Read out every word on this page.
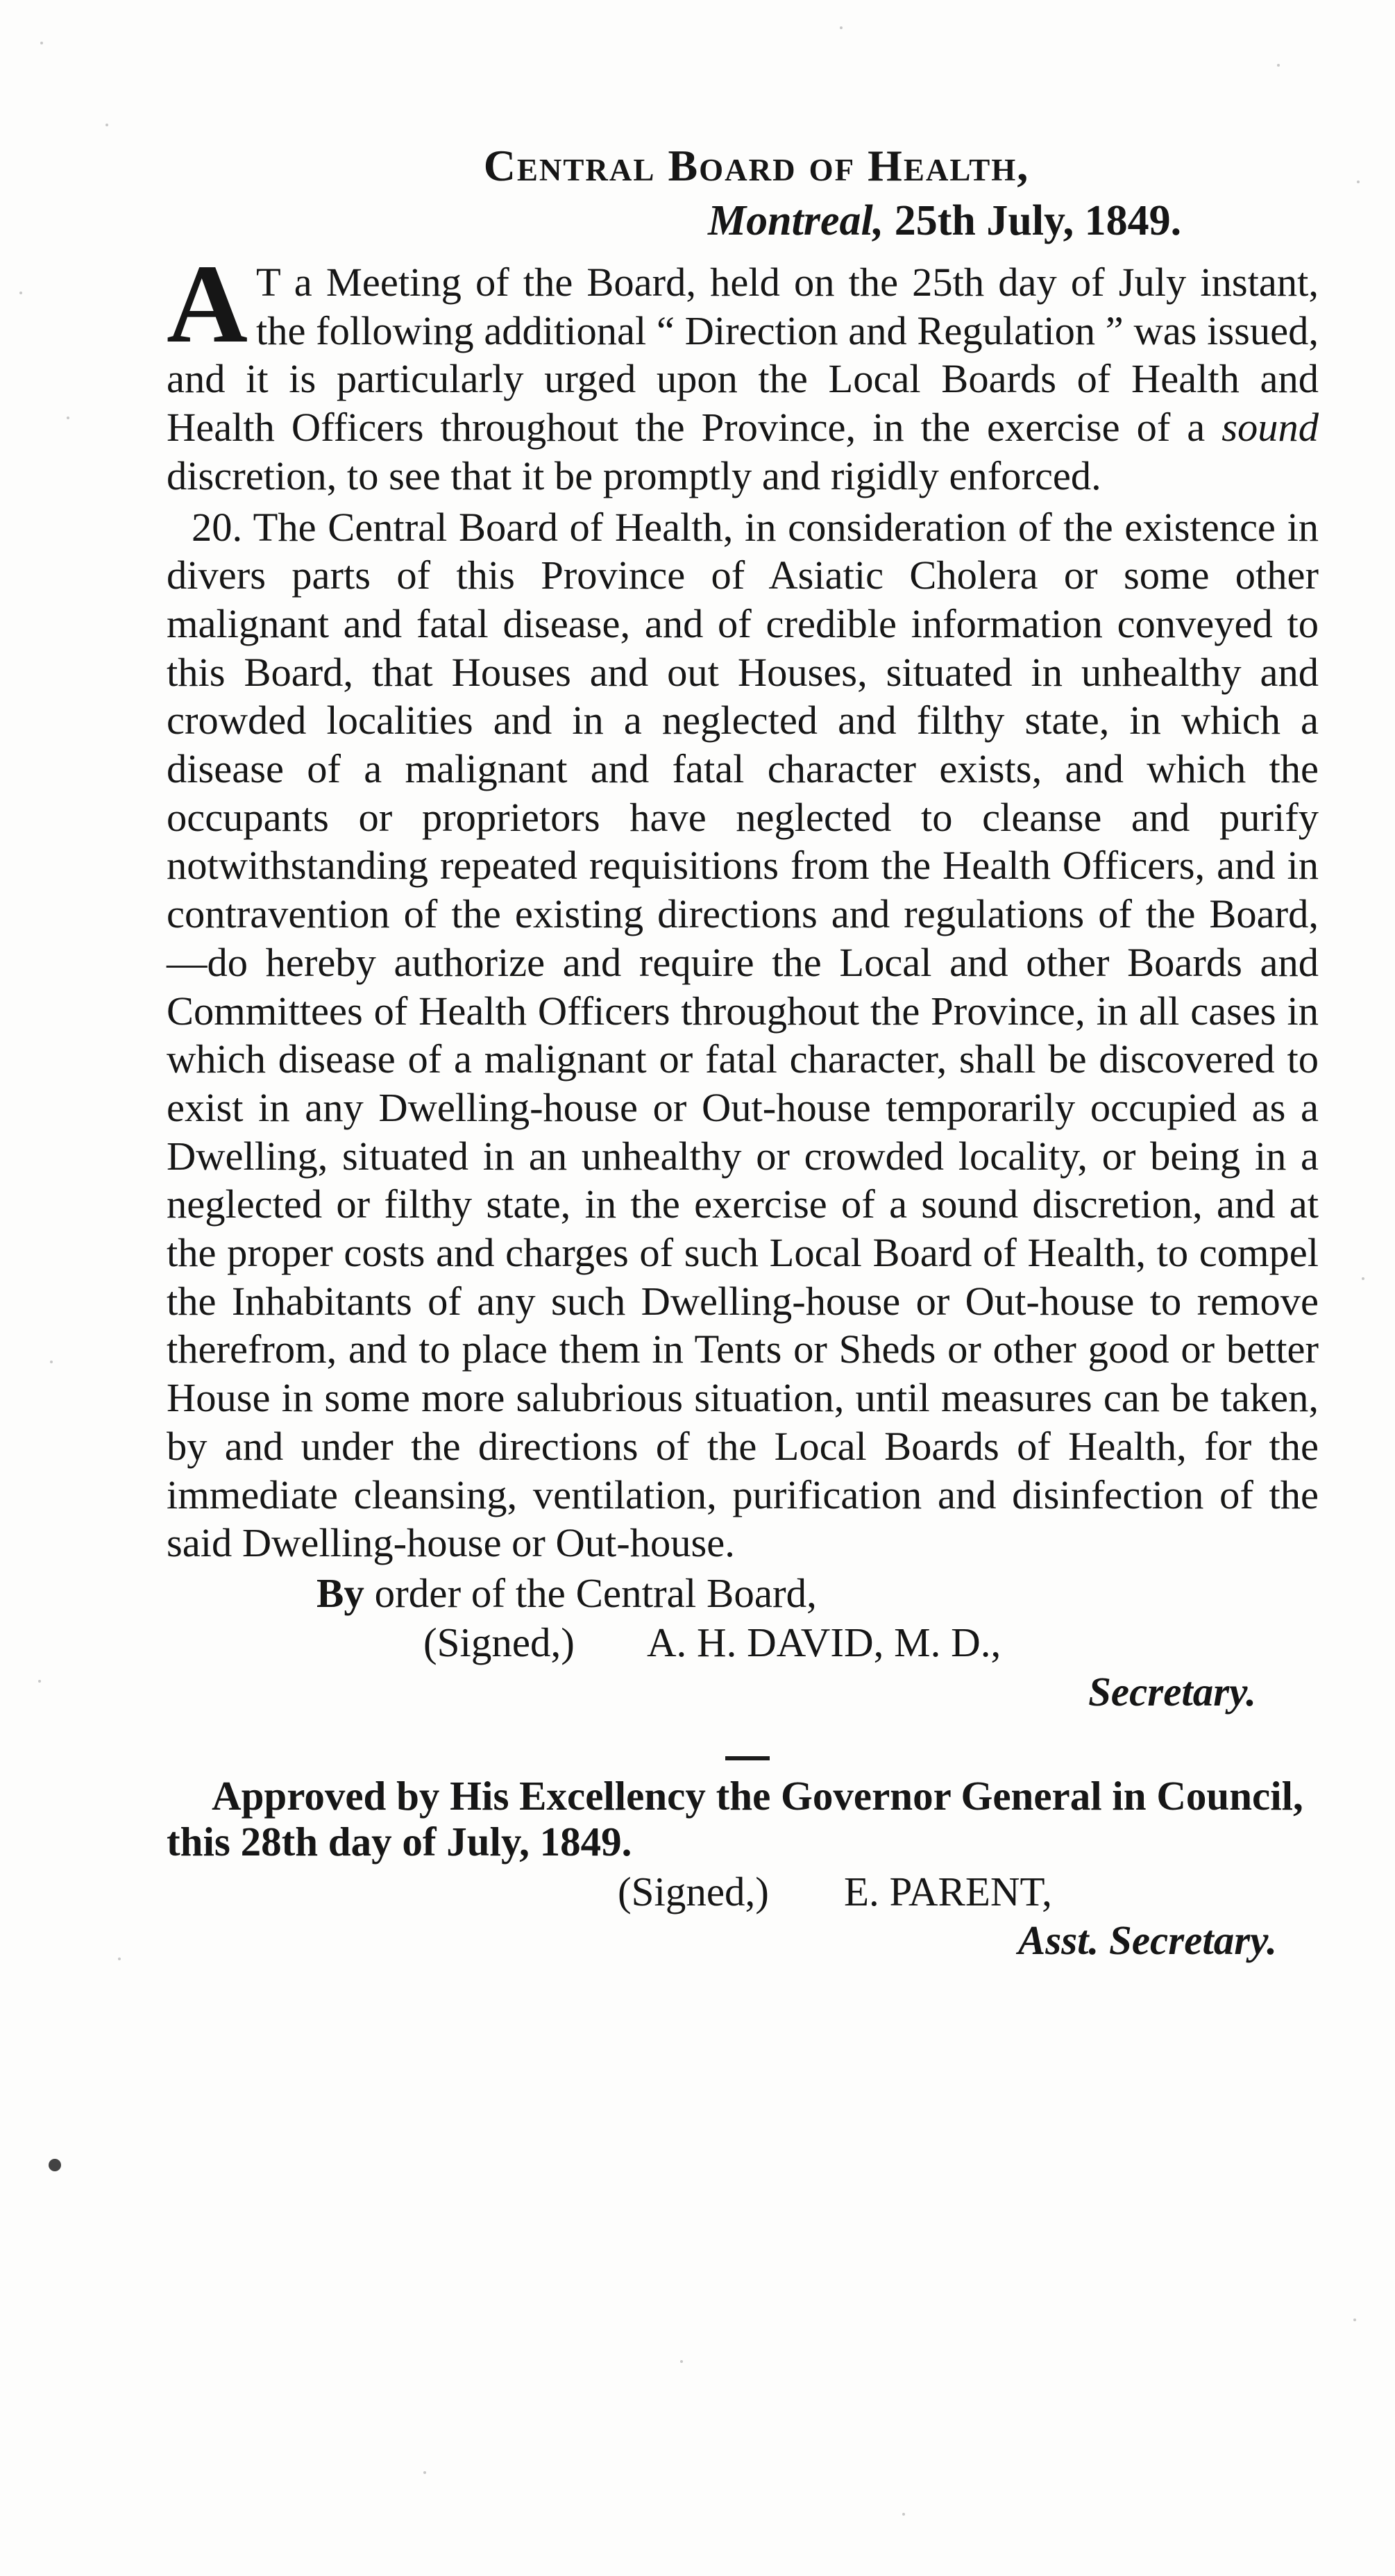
Central Board of Health,

Montreal, 25th July, 1849.

A T a Meeting of the Board, held on the 25th day of July instant, the following additional “ Direction and Regulation ” was issued, and it is particularly urged upon the Local Boards of Health and Health Officers throughout the Province, in the exercise of a sound discretion, to see that it be promptly and rigidly enforced.

20. The Central Board of Health, in consideration of the existence in divers parts of this Province of Asiatic Cholera or some other malignant and fatal disease, and of credible information conveyed to this Board, that Houses and out Houses, situated in unhealthy and crowded localities and in a neglected and filthy state, in which a disease of a malignant and fatal character exists, and which the occupants or proprietors have neglected to cleanse and purify notwithstanding repeated requisitions from the Health Officers, and in contravention of the existing directions and regulations of the Board,—do hereby authorize and require the Local and other Boards and Committees of Health Officers throughout the Province, in all cases in which disease of a malignant or fatal character, shall be discovered to exist in any Dwelling-house or Out-house temporarily occupied as a Dwelling, situated in an unhealthy or crowded locality, or being in a neglected or filthy state, in the exercise of a sound discretion, and at the proper costs and charges of such Local Board of Health, to compel the Inhabitants of any such Dwelling-house or Out-house to remove therefrom, and to place them in Tents or Sheds or other good or better House in some more salubrious situation, until measures can be taken, by and under the directions of the Local Boards of Health, for the immediate cleansing, ventilation, purification and disinfection of the said Dwelling-house or Out-house.

By order of the Central Board,

(Signed,) A. H. DAVID, M. D.,

Secretary.

Approved by His Excellency the Governor General in Council, this 28th day of July, 1849.

(Signed,) E. PARENT,

Asst. Secretary.
